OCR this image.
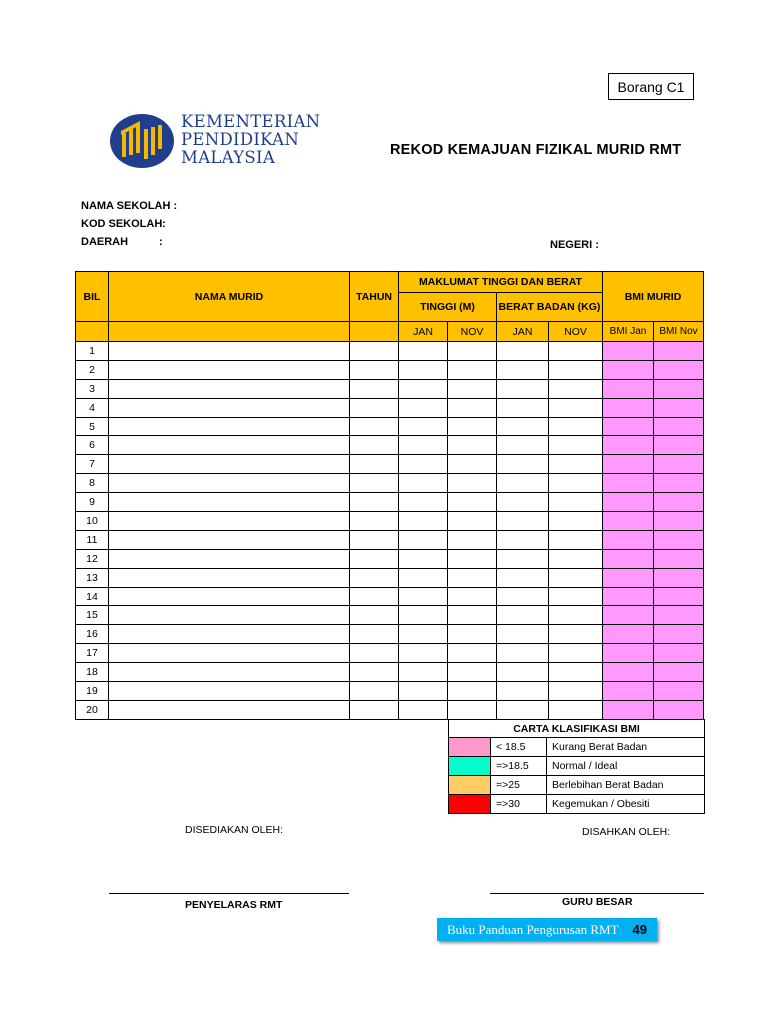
Borang C1
KEMENTERIAN
PENDIDIKAN
MALAYSIA	REKOD KEMAJUAN FIZIKAL MURID RMT
NAMA SEKOLAH :
KOD SEKOLAH :
DAERAH	:	NEGERI :
BIL	NAMA MURID	TAHUN	MAKLUMAT TINGGI DAN BERAT				BMI MURID	
			TINGGI (M)		BERAT BADAN (KG)			
			JAN	NOV	JAN	NOV	BMI Jan	BMI Nov
1								
2								
3								
4								
5								
6								
7								
8								
9								
10								
11								
12								
13								
14								
15								
16								
17								
18								
19								
20								
CARTA KLASIFIKASI BMI		
	< 18.5	Kurang Berat Badan
	=>18.5	Normal / Ideal
	=>25	Berlebihan Berat Badan
	=>30	Kegemukan / Obesiti
DISEDIAKAN OLEH:	DISAHKAN OLEH:
PENYELARAS RMT	GURU BESAR
Buku Panduan Pengurusan RMT 49
